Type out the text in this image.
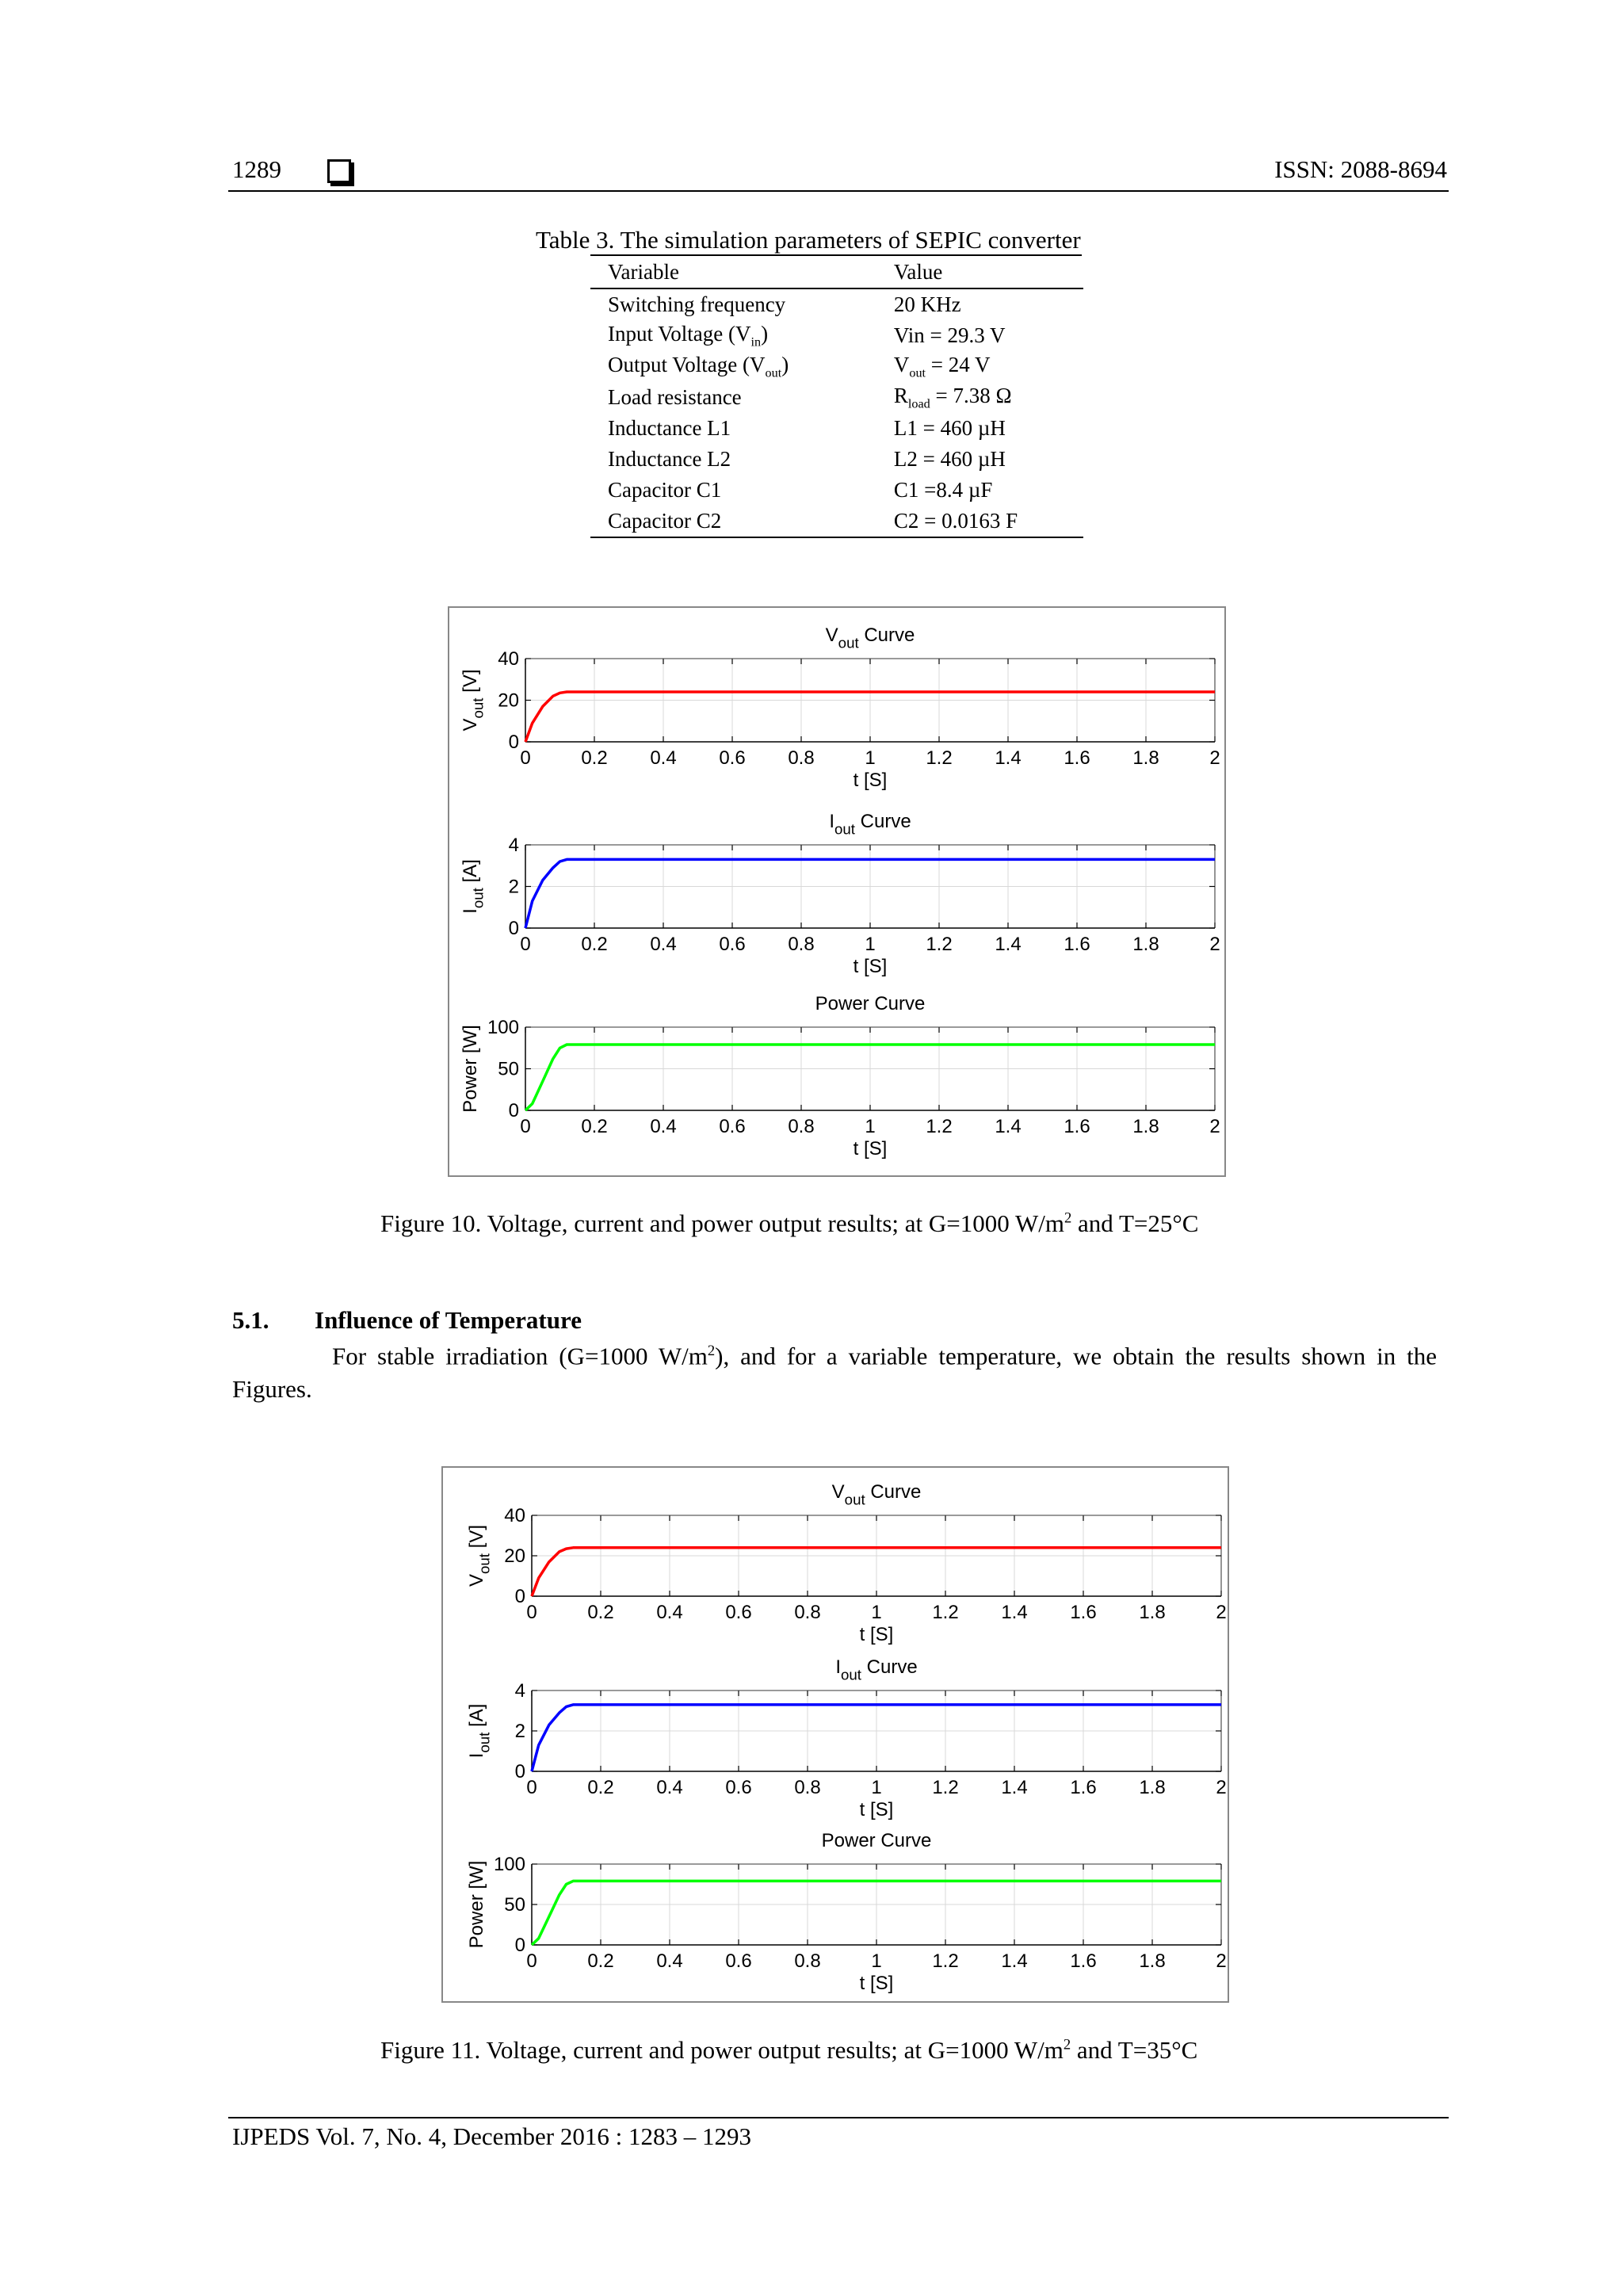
1289	ISSN: 2088-8694
Table 3. The simulation parameters of SEPIC converter
Variable	Value
Switching frequency	20 KHz
Input Voltage $(V_{in})$	Vin = 29.3 V
Output Voltage $(V_{out})$	$V_{out} = 24$ V
Load resistance	$R_{load} = 7.38$ Ω
Inductance L1	L1 = 460 µH
Inductance L2	L2 = 460 µH
Capacitor C1	C1 =8.4 µF
Capacitor C2	C2 = 0.0163 F
$V_{out}$ Curve
0	0.2 0.4 0.6 0.8	1	1.2 1.4 1.6 1.8	2
0
20
40
t [S]
$V_{out}$ [V]
$I_{out}$ Curve
0	0.2 0.4 0.6 0.8	1	1.2 1.4 1.6 1.8	2
0
2
4
t [S]
$I_{out}$ [A]
Power Curve
0	0.2 0.4 0.6 0.8	1	1.2 1.4 1.6 1.8	2
0
50
100
t [S]
Power [W]
Figure 10. Voltage, current and power output results; at G=1000 $W/m^2$ and T=25°C
5.1. Influence of Temperature
For stable irradiation (G=1000 $W/m^2$), and for a variable temperature, we obtain the results shown in the Figures.
$V_{out}$ Curve
0	0.2 0.4 0.6 0.8	1	1.2 1.4 1.6 1.8	2
0
20
40
t [S]
$V_{out}$ [V]
$I_{out}$ Curve
0	0.2 0.4 0.6 0.8	1	1.2 1.4 1.6 1.8	2
0
2
4
t [S]
$I_{out}$ [A]
Power Curve
0	0.2 0.4 0.6 0.8	1	1.2 1.4 1.6 1.8	2
0
50
100
t [S]
Power [W]
Figure 11. Voltage, current and power output results; at G=1000 $W/m^2$ and T=35°C
IJPEDS Vol. 7, No. 4, December 2016 : 1283 – 1293
